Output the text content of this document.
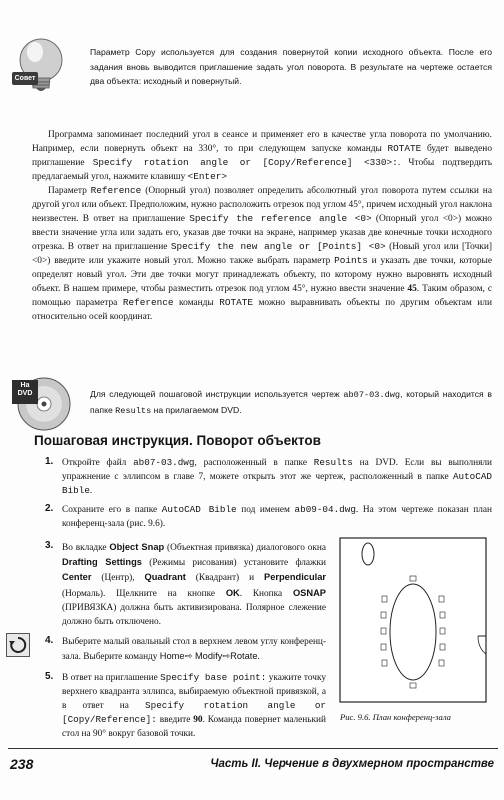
Совет
Параметр Copy используется для создания повернутой копии исходного объекта. После его задания вновь выводится приглашение задать угол поворота. В результате на чертеже остается два объекта: исходный и повернутый.

Программа запоминает последний угол в сеансе и применяет его в качестве угла поворота по умолчанию. Например, если повернуть объект на 330°, то при следующем запуске команды ROTATE будет выведено приглашение Specify rotation angle or [Copy/Reference] <330>:. Чтобы подтвердить предлагаемый угол, нажмите клавишу <Enter>

Параметр Reference (Опорный угол) позволяет определить абсолютный угол поворота путем ссылки на другой угол или объект. Предположим, нужно расположить отрезок под углом 45°, причем исходный угол наклона неизвестен. В ответ на приглашение Specify the reference angle <0> (Опорный угол <0>) можно ввести значение угла или задать его, указав две точки на экране, например указав две конечные точки исходного отрезка. В ответ на приглашение Specify the new angle or [Points] <0> (Новый угол или [Точки] <0>) введите или укажите новый угол. Можно также выбрать параметр Points и указать две точки, которые определят новый угол. Эти две точки могут принадлежать объекту, по которому нужно выровнять исходный объект. В нашем примере, чтобы разместить отрезок под углом 45°, нужно ввести значение 45. Таким образом, с помощью параметра Reference команды ROTATE можно выравнивать объекты по другим объектам или относительно осей координат.

На
DVD	Для следующей пошаговой инструкции используется чертеж ab07-03.dwg, который находится в папке Results на прилагаемом DVD.
Пошаговая инструкция. Поворот объектов
1. Откройте файл ab07-03.dwg, расположенный в папке Results на DVD. Если вы выполняли упражнение с эллипсом в главе 7, можете открыть этот же чертеж, расположенный в папке AutoCAD Bible.

2. Сохраните его в папке AutoCAD Bible под именем ab09-04.dwg. На этом чертеже показан план конференц-зала (рис. 9.6).

3. Во вкладке Object Snap (Объектная привязка) диалогового окна Drafting Settings (Режимы рисования) установите флажки Center (Центр), Quadrant (Квадрант) и Perpendicular (Нормаль). Щелкните на кнопке OK. Кнопка OSNAP (ПРИВЯЗКА) должна быть активизирована. Полярное слежение должно быть отключено.

4. Выберите малый овальный стол в верхнем левом углу конференц-зала. Выберите команду Home⇨ Modify⇨Rotate.

5. В ответ на приглашение Specify base point: укажите точку верхнего квадранта эллипса, выбираемую объектной привязкой, а в ответ на Specify rotation angle or [Copy/Reference]: введите 90. Команда повернет маленький стол на 90° вокруг базовой точки.

Рис. 9.6. План конференц-зала
238	Часть II. Черчение в двухмерном пространстве
